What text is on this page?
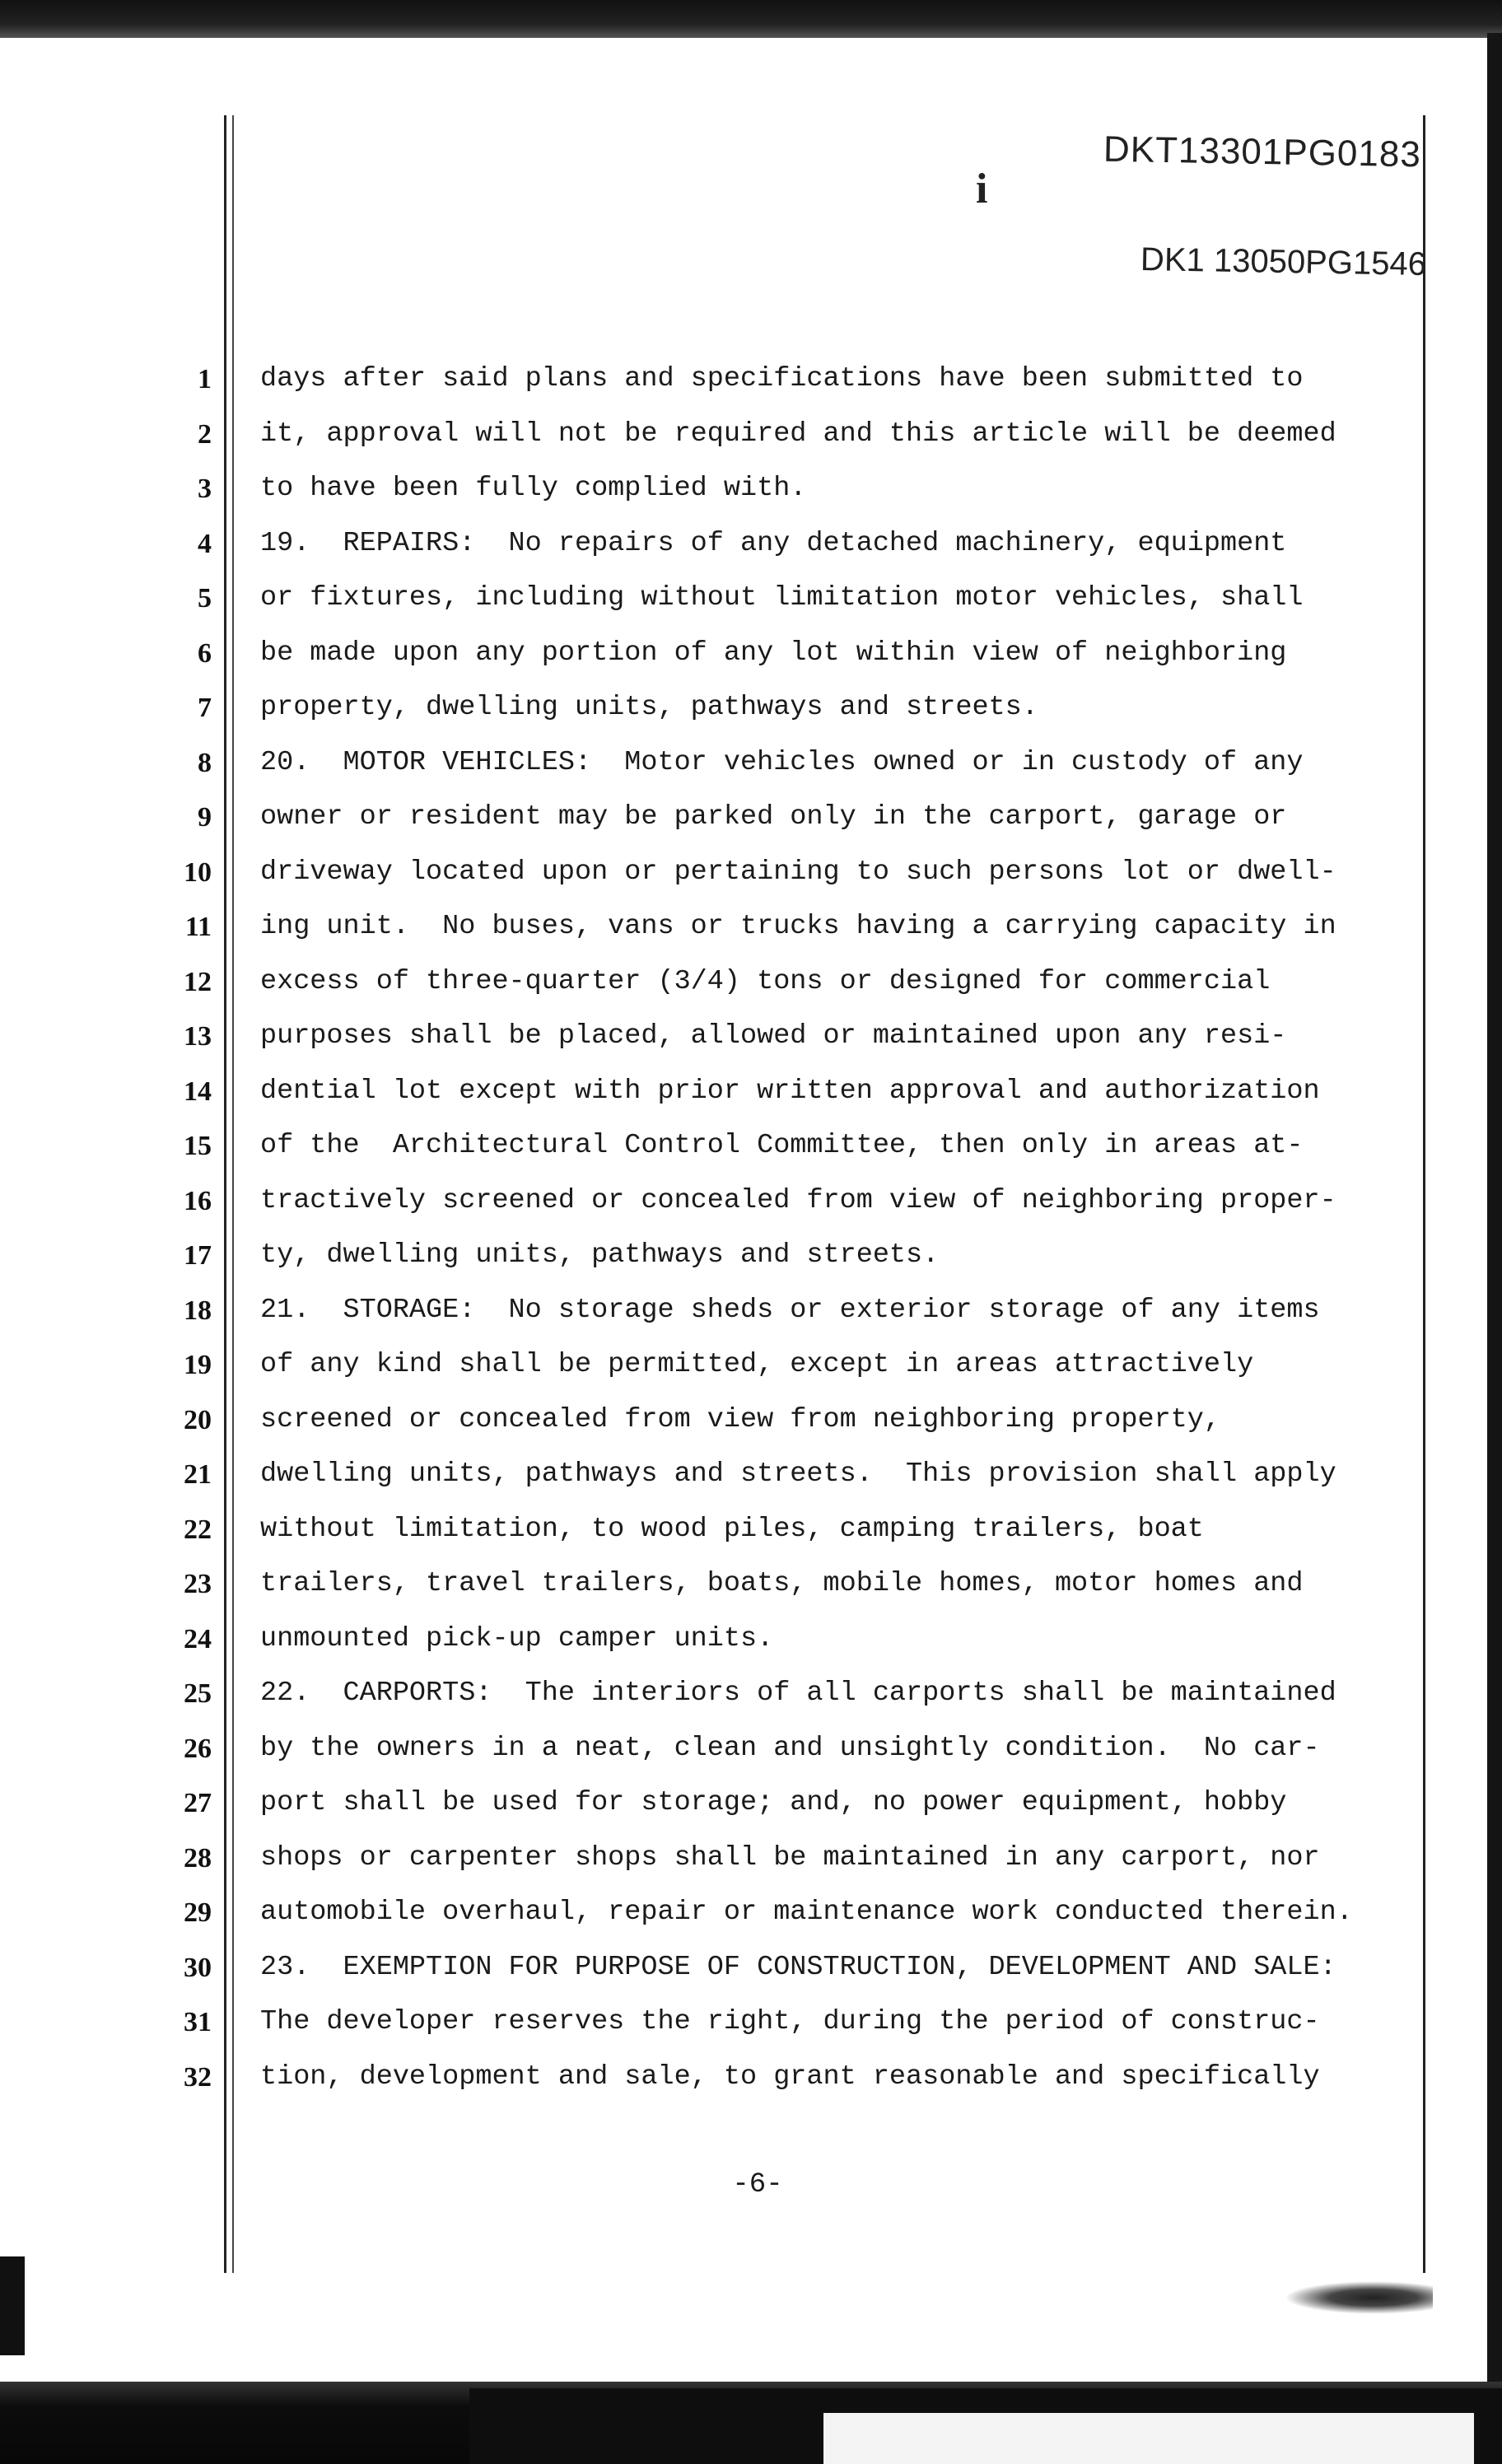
i
DKT13301PG0183
DK1 13050PG1546
1 days after said plans and specifications have been submitted to
2 it, approval will not be required and this article will be deemed
3 to have been fully complied with.
4 19.  REPAIRS:  No repairs of any detached machinery, equipment
5 or fixtures, including without limitation motor vehicles, shall
6 be made upon any portion of any lot within view of neighboring
7 property, dwelling units, pathways and streets.
8 20.  MOTOR VEHICLES:  Motor vehicles owned or in custody of any
9 owner or resident may be parked only in the carport, garage or
10 driveway located upon or pertaining to such persons lot or dwell-
11 ing unit.  No buses, vans or trucks having a carrying capacity in
12 excess of three-quarter (3/4) tons or designed for commercial
13 purposes shall be placed, allowed or maintained upon any resi-
14 dential lot except with prior written approval and authorization
15 of the  Architectural Control Committee, then only in areas at-
16 tractively screened or concealed from view of neighboring proper-
17 ty, dwelling units, pathways and streets.
18 21.  STORAGE:  No storage sheds or exterior storage of any items
19 of any kind shall be permitted, except in areas attractively
20 screened or concealed from view from neighboring property,
21 dwelling units, pathways and streets.  This provision shall apply
22 without limitation, to wood piles, camping trailers, boat
23 trailers, travel trailers, boats, mobile homes, motor homes and
24 unmounted pick-up camper units.
25 22.  CARPORTS:  The interiors of all carports shall be maintained
26 by the owners in a neat, clean and unsightly condition.  No car-
27 port shall be used for storage; and, no power equipment, hobby
28 shops or carpenter shops shall be maintained in any carport, nor
29 automobile overhaul, repair or maintenance work conducted therein.
30 23.  EXEMPTION FOR PURPOSE OF CONSTRUCTION, DEVELOPMENT AND SALE:
31 The developer reserves the right, during the period of construc-
32 tion, development and sale, to grant reasonable and specifically
-6-
